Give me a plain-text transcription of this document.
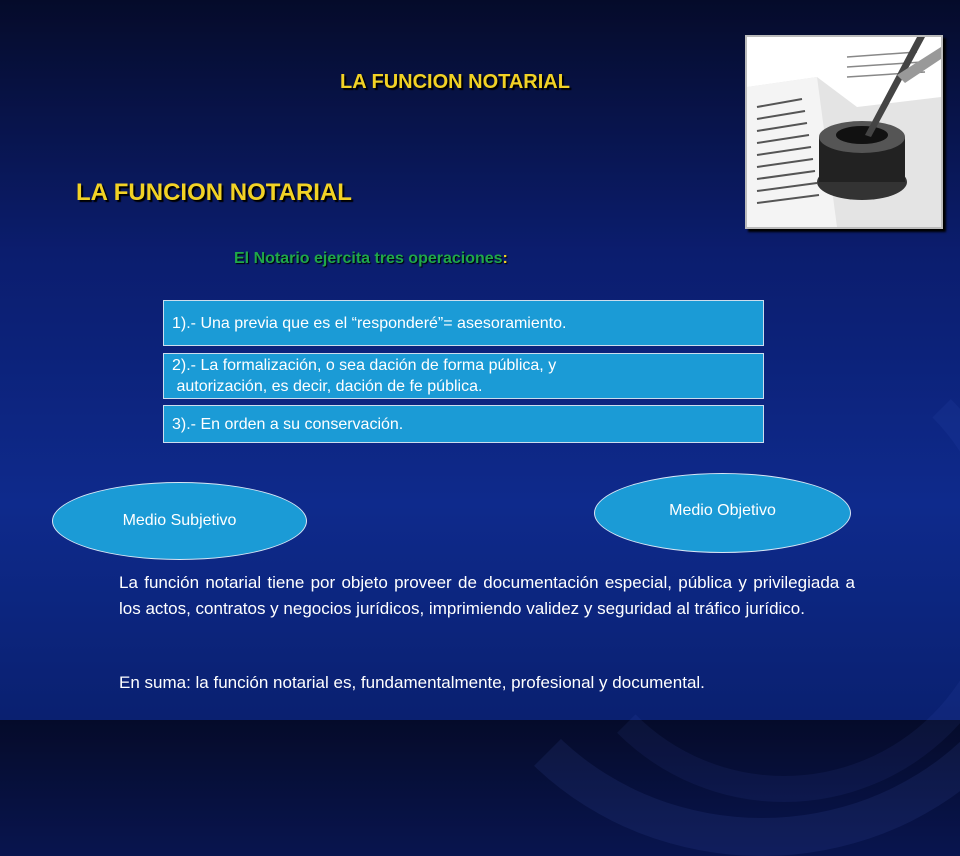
LA FUNCION NOTARIAL
LA FUNCION NOTARIAL
El Notario ejercita tres operaciones:
1).- Una previa que es el “responderé”= asesoramiento.
2).- La formalización, o sea dación de forma pública, y
autorización, es decir, dación de fe pública.
3).- En orden a su conservación.
Medio Subjetivo
Medio Objetivo
La función notarial tiene por objeto proveer de documentación especial, pública y privilegiada a los actos, contratos y negocios jurídicos, imprimiendo validez y seguridad al tráfico jurídico.
En suma: la función notarial es, fundamentalmente, profesional y documental.
